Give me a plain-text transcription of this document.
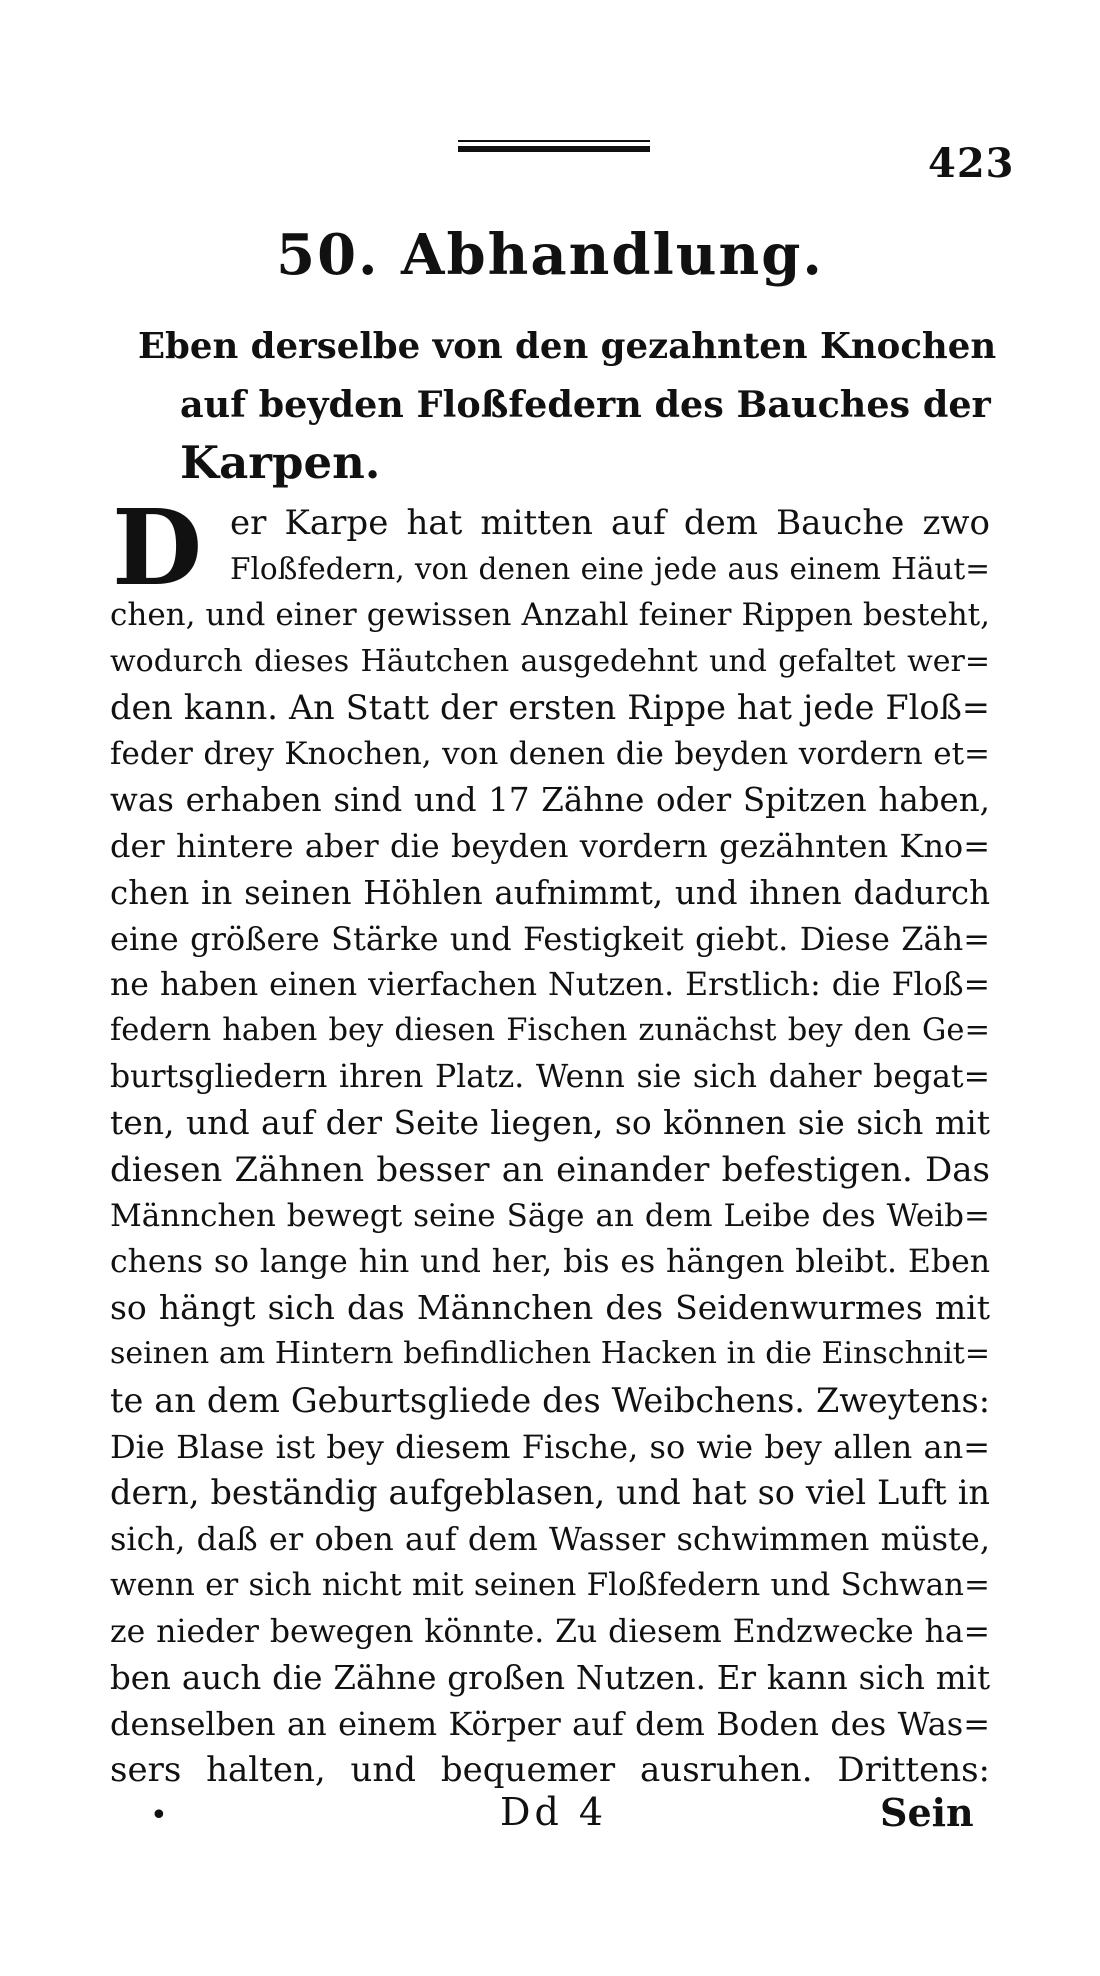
423
50. Abhandlung.
Eben derselbe von den gezahnten Knochen
auf beyden Floßfedern des Bauches der
Karpen.
D er Karpe hat mitten auf dem Bauche zwo
Floßfedern, von denen eine jede aus einem Häut=
chen, und einer gewissen Anzahl feiner Rippen besteht,
wodurch dieses Häutchen ausgedehnt und gefaltet wer=
den kann. An Statt der ersten Rippe hat jede Floß=
feder drey Knochen, von denen die beyden vordern et=
was erhaben sind und 17 Zähne oder Spitzen haben,
der hintere aber die beyden vordern gezähnten Kno=
chen in seinen Höhlen aufnimmt, und ihnen dadurch
eine größere Stärke und Festigkeit giebt. Diese Zäh=
ne haben einen vierfachen Nutzen. Erstlich: die Floß=
federn haben bey diesen Fischen zunächst bey den Ge=
burtsgliedern ihren Platz. Wenn sie sich daher begat=
ten, und auf der Seite liegen, so können sie sich mit
diesen Zähnen besser an einander befestigen. Das
Männchen bewegt seine Säge an dem Leibe des Weib=
chens so lange hin und her, bis es hängen bleibt. Eben
so hängt sich das Männchen des Seidenwurmes mit
seinen am Hintern befindlichen Hacken in die Einschnit=
te an dem Geburtsgliede des Weibchens. Zweytens:
Die Blase ist bey diesem Fische, so wie bey allen an=
dern, beständig aufgeblasen, und hat so viel Luft in
sich, daß er oben auf dem Wasser schwimmen müste,
wenn er sich nicht mit seinen Floßfedern und Schwan=
ze nieder bewegen könnte. Zu diesem Endzwecke ha=
ben auch die Zähne großen Nutzen. Er kann sich mit
denselben an einem Körper auf dem Boden des Was=
sers halten, und bequemer ausruhen. Drittens:
•	Dd 4	Sein
